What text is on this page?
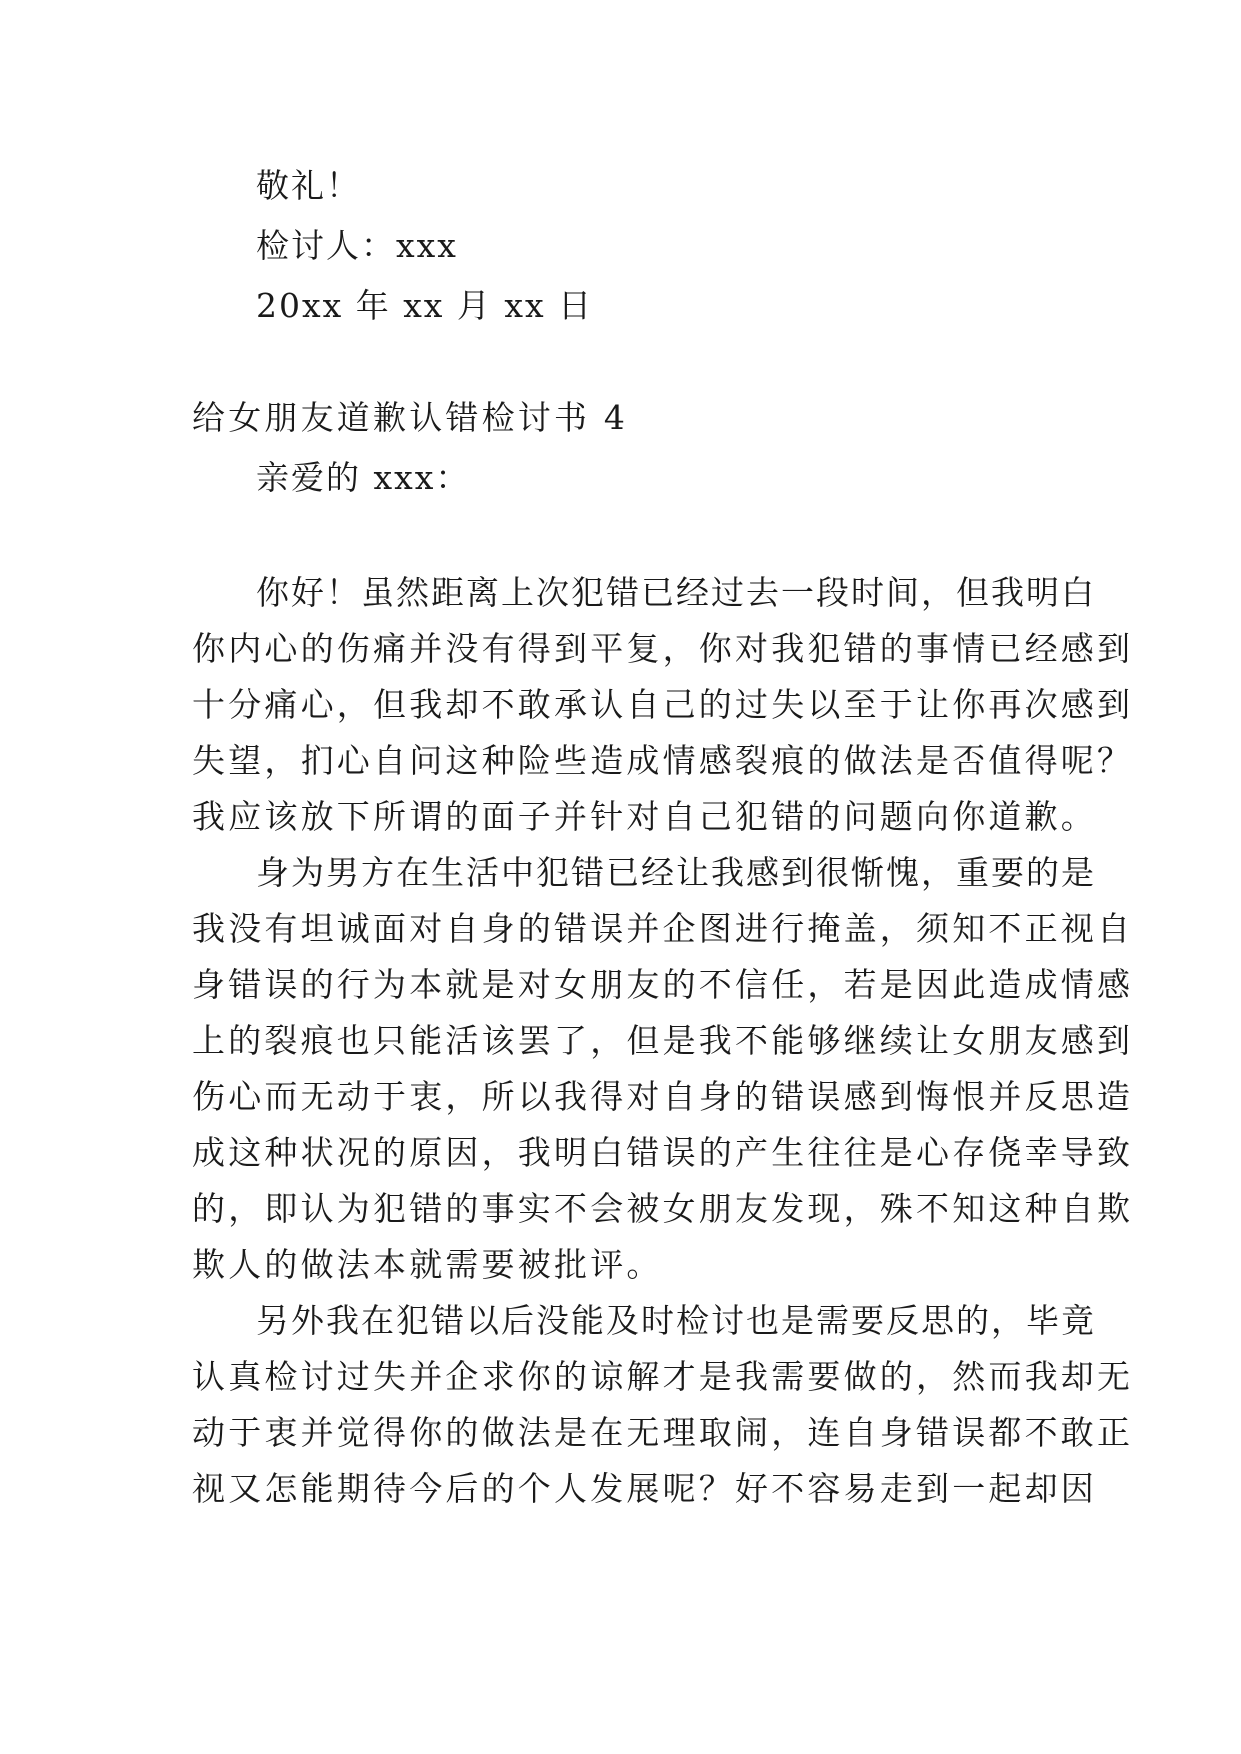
敬礼！
检讨人：xxx
20xx 年 xx 月 xx 日
给女朋友道歉认错检讨书 4
亲爱的 xxx：
你好！虽然距离上次犯错已经过去一段时间，但我明白
你内心的伤痛并没有得到平复，你对我犯错的事情已经感到
十分痛心，但我却不敢承认自己的过失以至于让你再次感到
失望，扪心自问这种险些造成情感裂痕的做法是否值得呢？
我应该放下所谓的面子并针对自己犯错的问题向你道歉。
身为男方在生活中犯错已经让我感到很惭愧，重要的是
我没有坦诚面对自身的错误并企图进行掩盖，须知不正视自
身错误的行为本就是对女朋友的不信任，若是因此造成情感
上的裂痕也只能活该罢了，但是我不能够继续让女朋友感到
伤心而无动于衷，所以我得对自身的错误感到悔恨并反思造
成这种状况的原因，我明白错误的产生往往是心存侥幸导致
的，即认为犯错的事实不会被女朋友发现，殊不知这种自欺
欺人的做法本就需要被批评。
另外我在犯错以后没能及时检讨也是需要反思的，毕竟
认真检讨过失并企求你的谅解才是我需要做的，然而我却无
动于衷并觉得你的做法是在无理取闹，连自身错误都不敢正
视又怎能期待今后的个人发展呢？好不容易走到一起却因
